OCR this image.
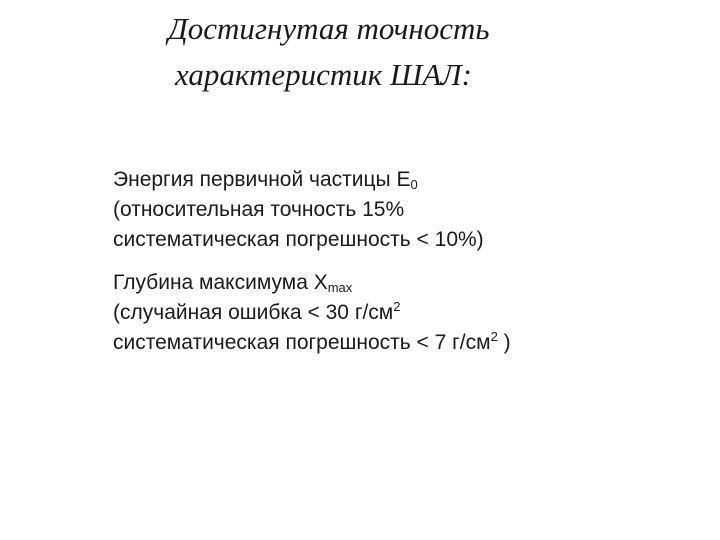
Достигнутая точность
характеристик ШАЛ:
Энергия первичной частицы $E_0$
(относительная точность 15%
систематическая погрешность < 10%)
Глубина максимума $X_{max}$
(случайная ошибка < 30 $г/см^2$
систематическая погрешность < 7 $г/см^2$ )
